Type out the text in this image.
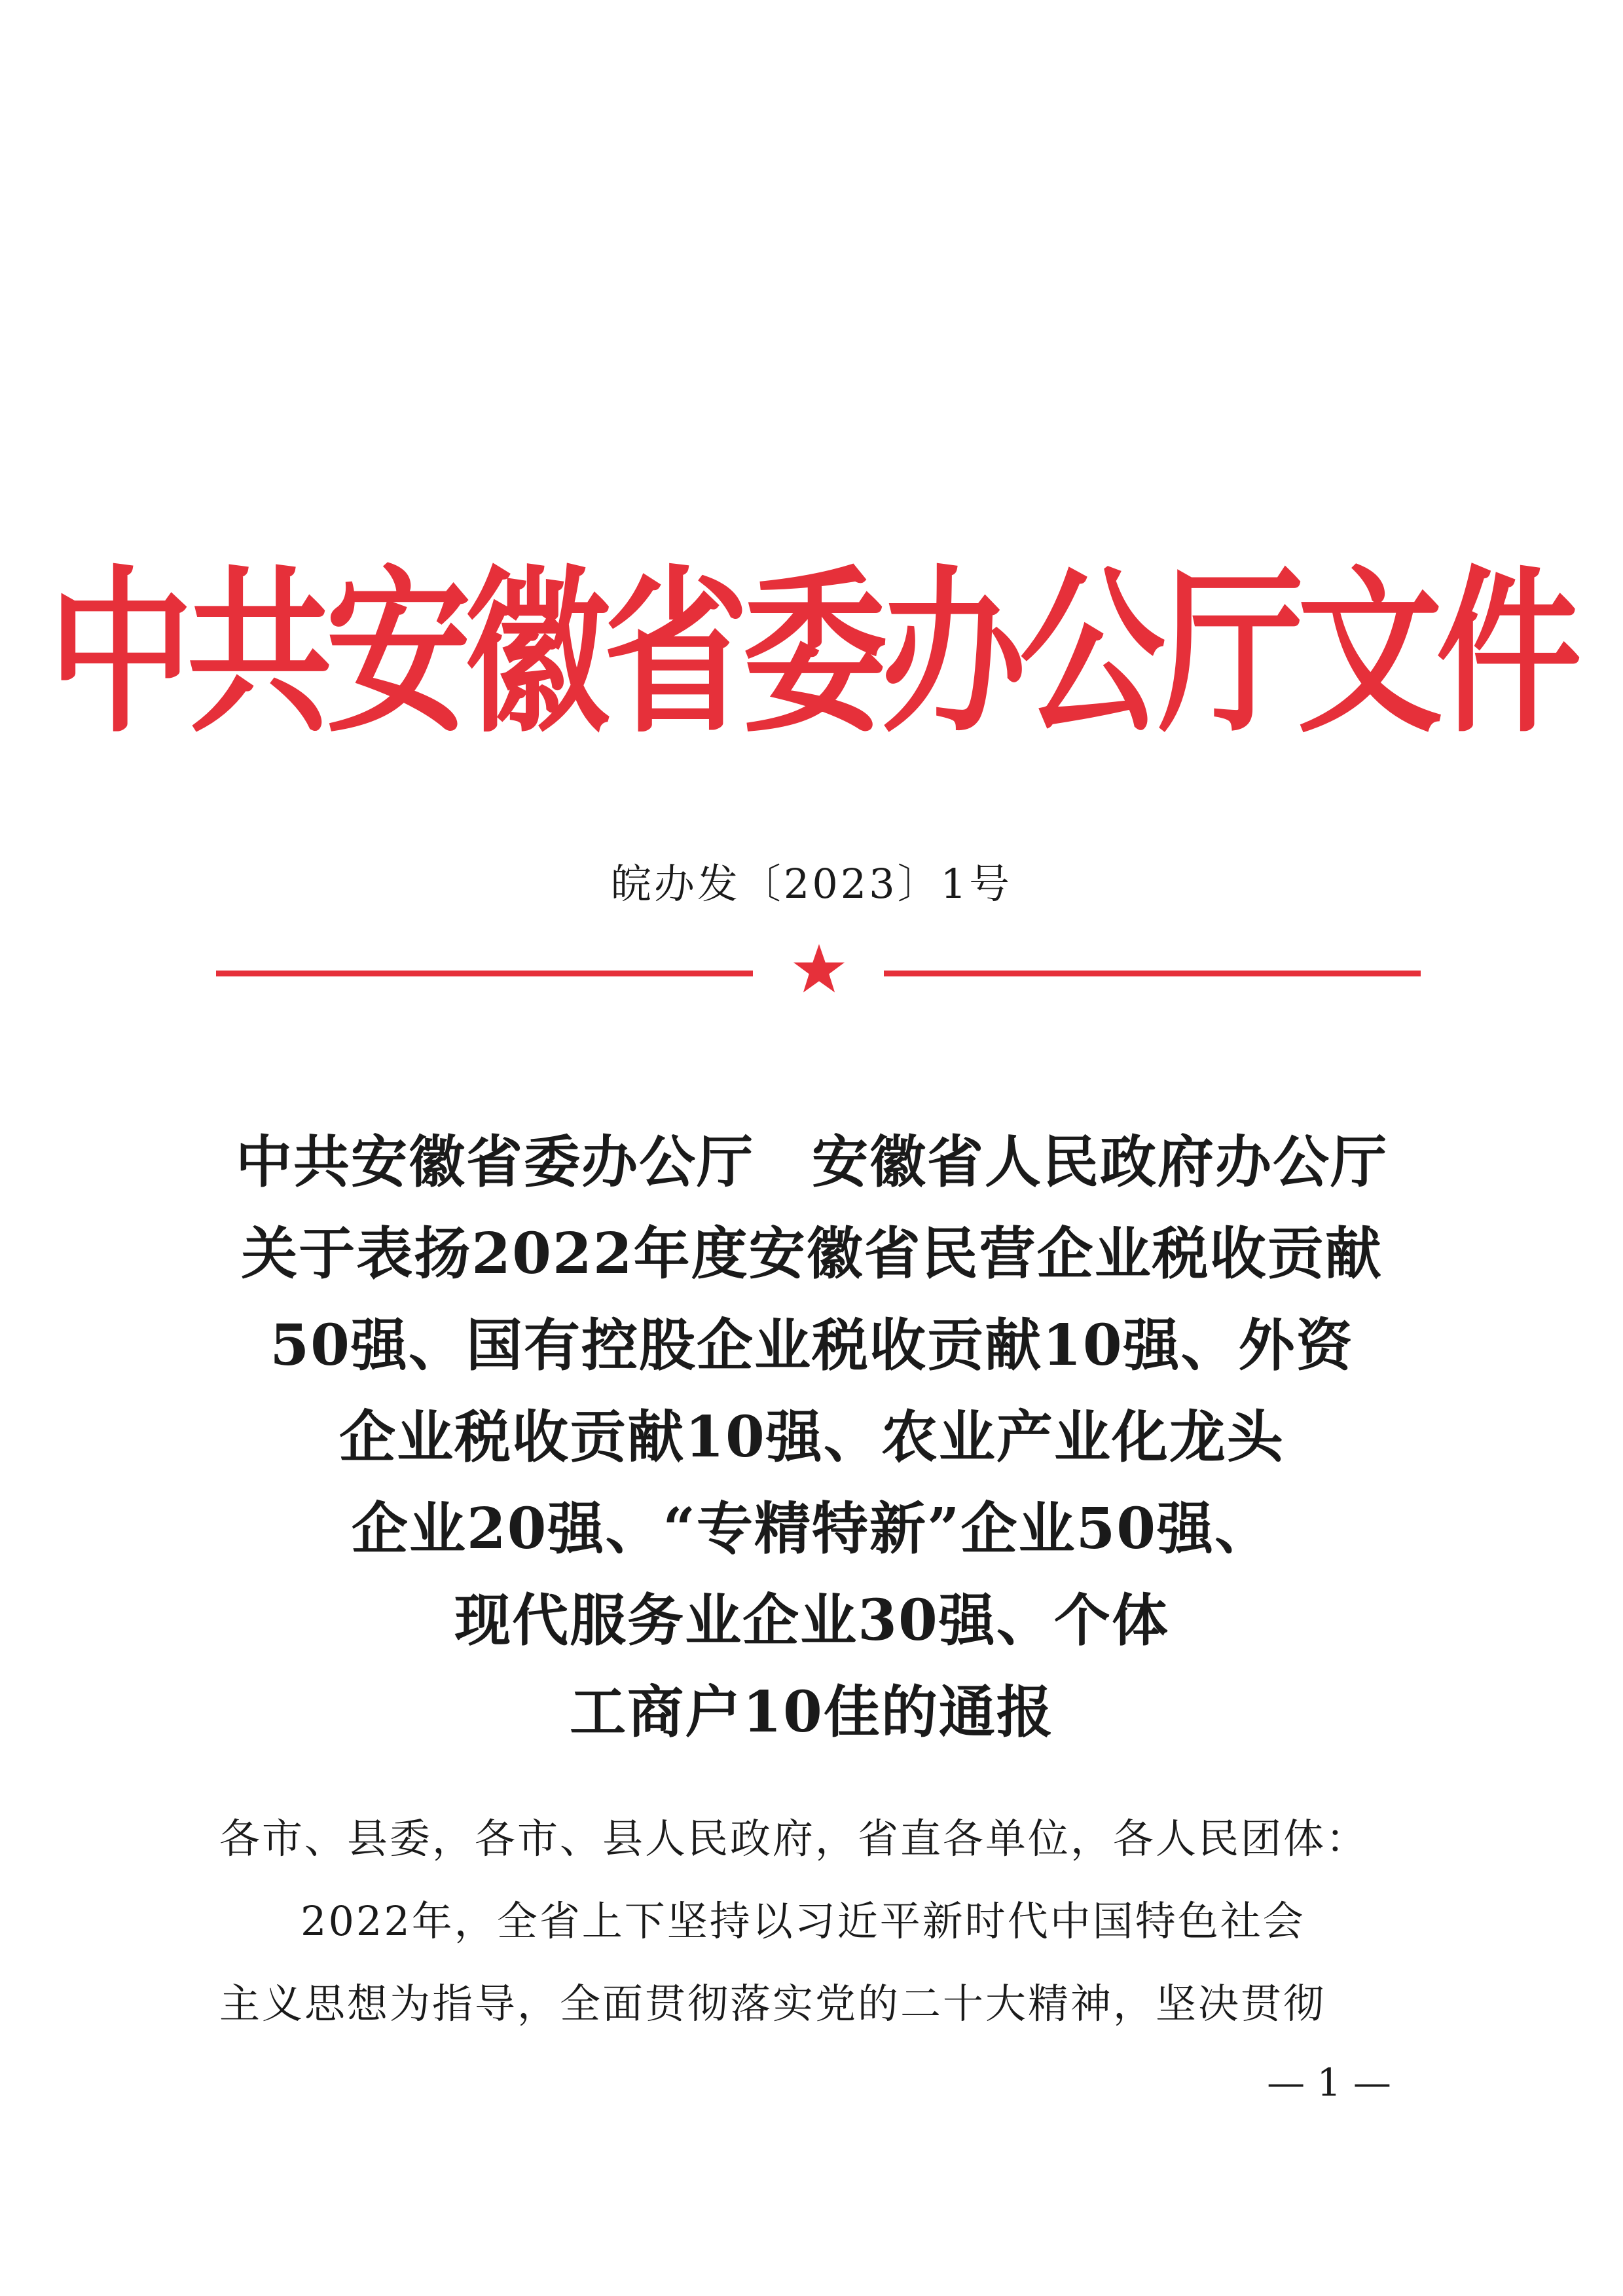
中共安徽省委办公厅文件
皖办发〔2023〕1号
中共安徽省委办公厅　安徽省人民政府办公厅
关于表扬2022年度安徽省民营企业税收贡献
50强、国有控股企业税收贡献10强、外资
企业税收贡献10强、农业产业化龙头
企业20强、“专精特新”企业50强、
现代服务业企业30强、个体
工商户10佳的通报

各市、县委，各市、县人民政府，省直各单位，各人民团体：

2022年，全省上下坚持以习近平新时代中国特色社会

主义思想为指导，全面贯彻落实党的二十大精神，坚决贯彻

— 1 —
